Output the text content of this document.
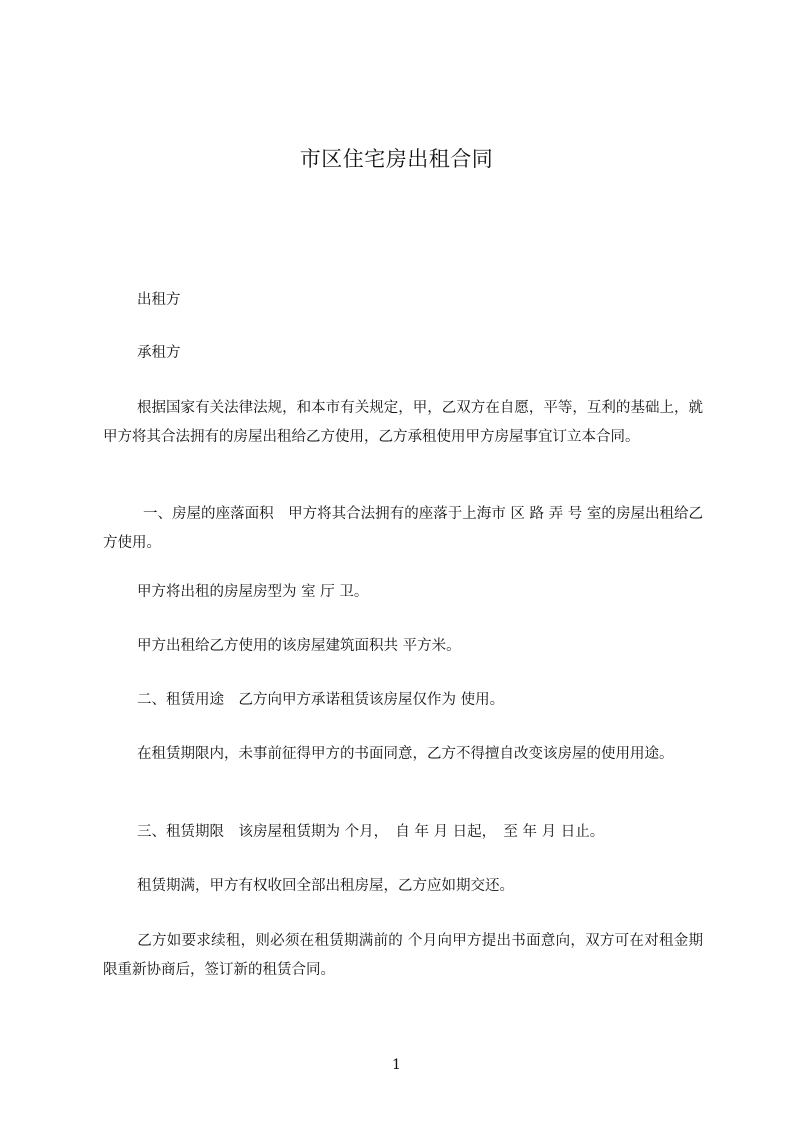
市区住宅房出租合同

出租方

承租方

根据国家有关法律法规，和本市有关规定，甲，乙双方在自愿，平等，互利的基础上，就甲方将其合法拥有的房屋出租给乙方使用，乙方承租使用甲方房屋事宜订立本合同。

一、房屋的座落面积　甲方将其合法拥有的座落于上海市 区 路 弄 号 室的房屋出租给乙方使用。

甲方将出租的房屋房型为 室 厅 卫。

甲方出租给乙方使用的该房屋建筑面积共 平方米。

二、租赁用途　乙方向甲方承诺租赁该房屋仅作为 使用。

在租赁期限内，未事前征得甲方的书面同意，乙方不得擅自改变该房屋的使用用途。

三、租赁期限　该房屋租赁期为 个月，　自 年 月 日起，　至 年 月 日止。

租赁期满，甲方有权收回全部出租房屋，乙方应如期交还。

乙方如要求续租，则必须在租赁期满前的 个月向甲方提出书面意向，双方可在对租金期限重新协商后，签订新的租赁合同。

1
